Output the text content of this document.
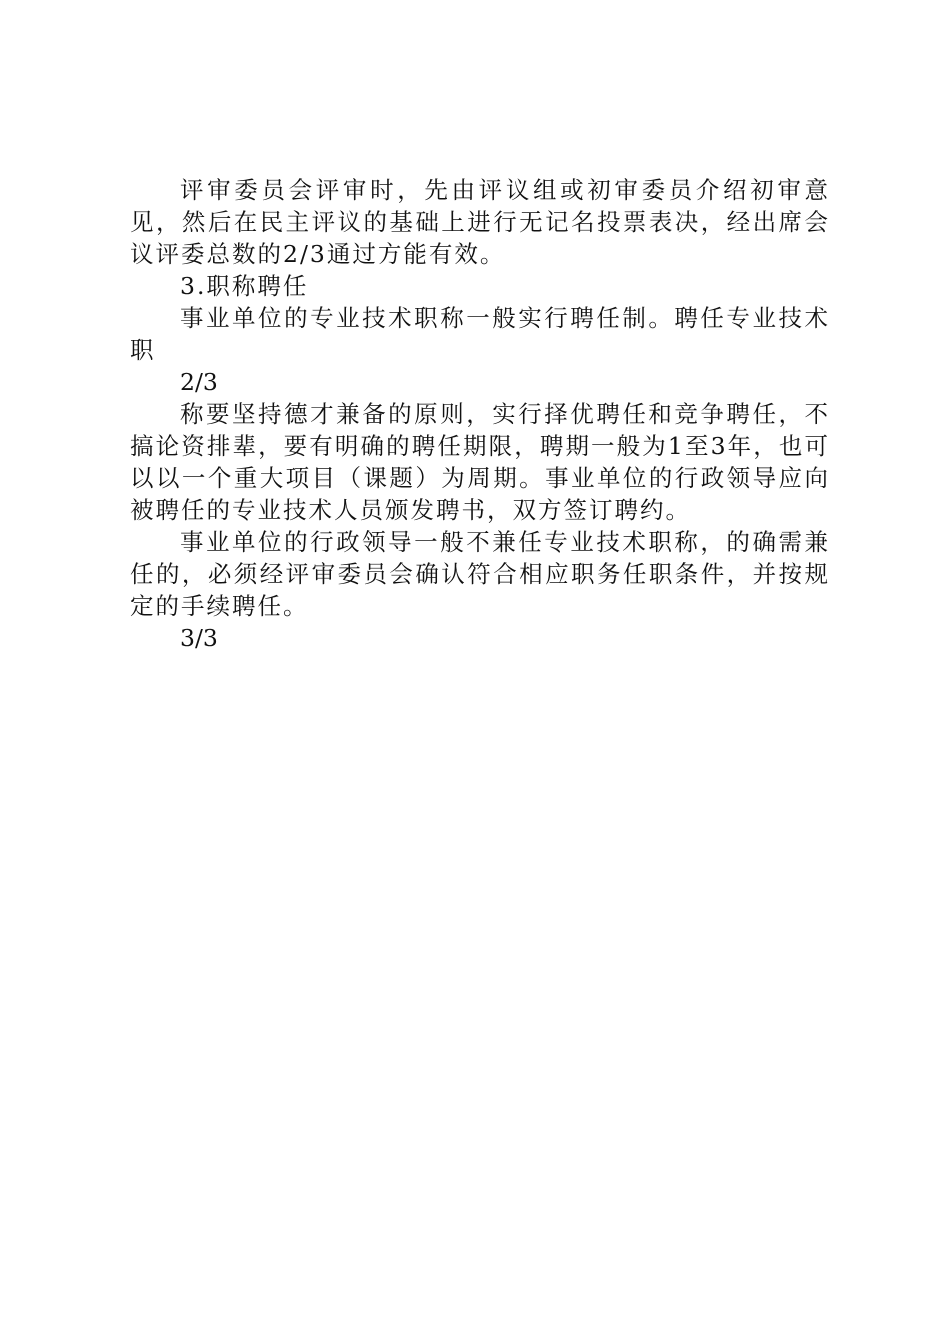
评审委员会评审时，先由评议组或初审委员介绍初审意见，然后在民主评议的基础上进行无记名投票表决，经出席会议评委总数的2/3通过方能有效。

3.职称聘任

事业单位的专业技术职称一般实行聘任制。聘任专业技术职

2/3

称要坚持德才兼备的原则，实行择优聘任和竞争聘任，不搞论资排辈，要有明确的聘任期限，聘期一般为1至3年，也可以以一个重大项目（课题）为周期。事业单位的行政领导应向被聘任的专业技术人员颁发聘书，双方签订聘约。

事业单位的行政领导一般不兼任专业技术职称，的确需兼任的，必须经评审委员会确认符合相应职务任职条件，并按规定的手续聘任。

3/3
